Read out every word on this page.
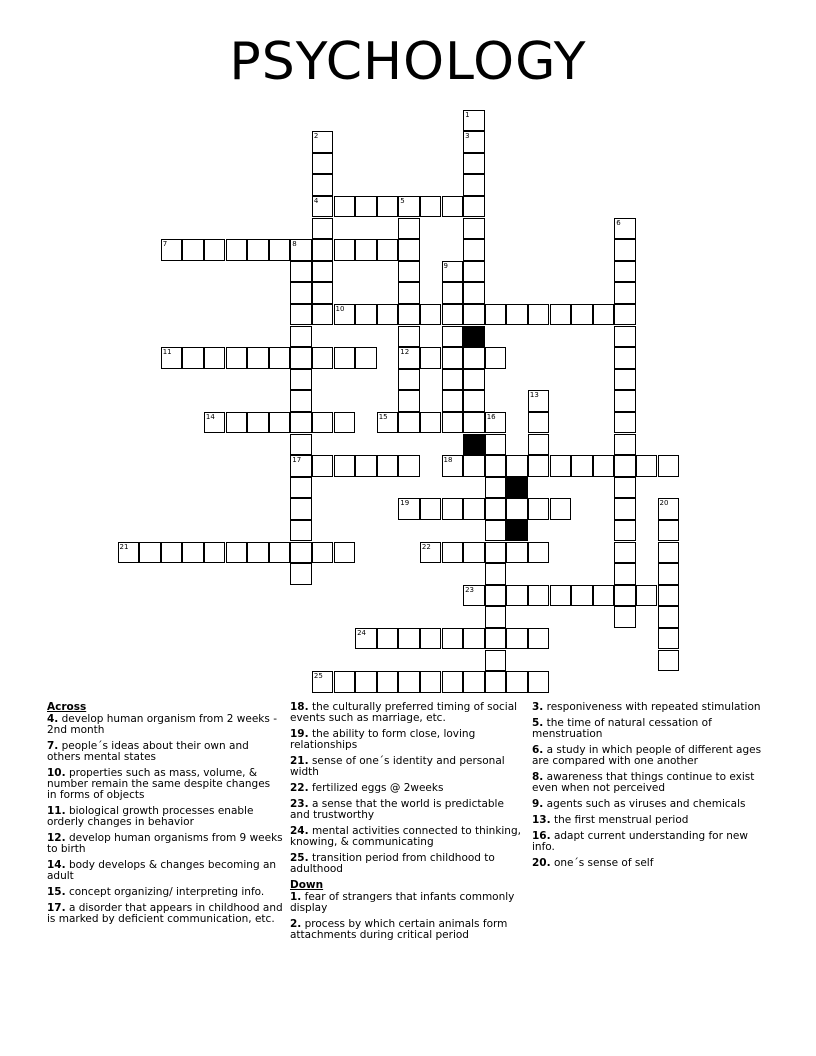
PSYCHOLOGY
1
3
2
4	5
12
6
7	8
17
9
10
11
13
14	15	16
18
19	20
21	22
23
24
25
Across
4. develop human organism from 2 weeks - 2nd month
7. people´s ideas about their own and others mental states
10. properties such as mass, volume, & number remain the same despite changes in forms of objects
11. biological growth processes enable orderly changes in behavior
12. develop human organisms from 9 weeks to birth
14. body develops & changes becoming an adult
15. concept organizing/ interpreting info.
17. a disorder that appears in childhood and is marked by deficient communication, etc.
18. the culturally preferred timing of social events such as marriage, etc.
19. the ability to form close, loving relationships
21. sense of one´s identity and personal width
22. fertilized eggs @ 2weeks
23. a sense that the world is predictable and trustworthy
24. mental activities connected to thinking, knowing, & communicating
25. transition period from childhood to adulthood
Down
1. fear of strangers that infants commonly display
2. process by which certain animals form attachments during critical period
3. responiveness with repeated stimulation
5. the time of natural cessation of menstruation
6. a study in which people of different ages are compared with one another
8. awareness that things continue to exist even when not perceived
9. agents such as viruses and chemicals
13. the first menstrual period
16. adapt current understanding for new info.
20. one´s sense of self
